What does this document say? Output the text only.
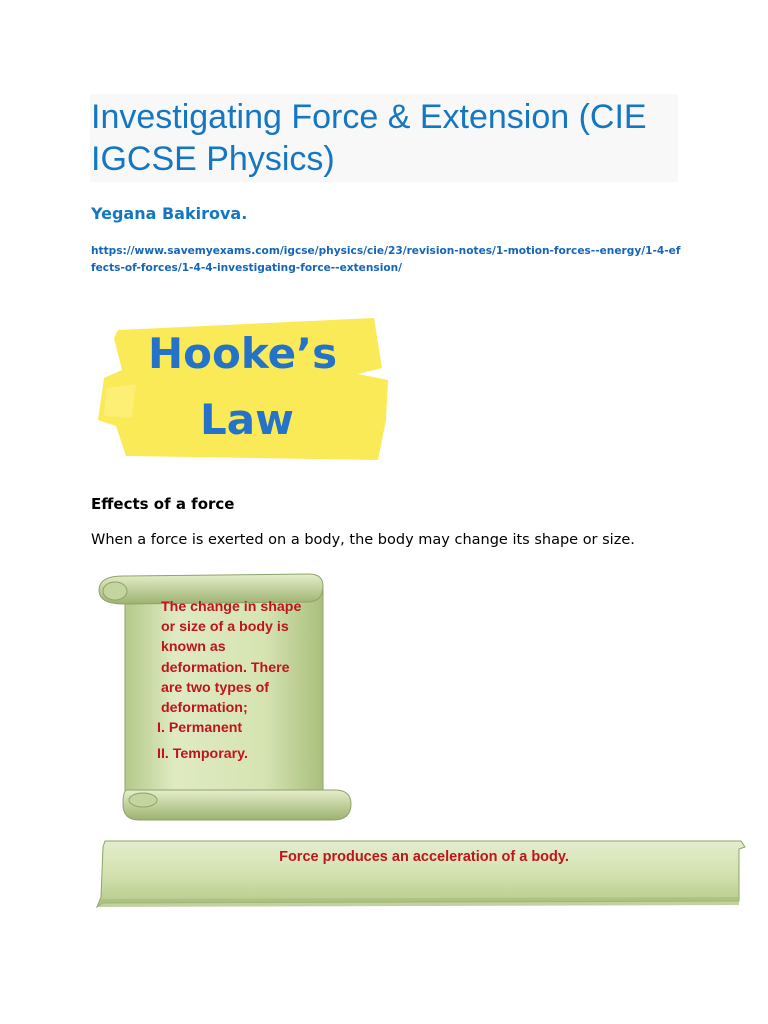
Investigating Force & Extension (CIE IGCSE Physics)
Yegana Bakirova.
https://www.savemyexams.com/igcse/physics/cie/23/revision-notes/1-motion-forces--energy/1-4-effects-of-forces/1-4-4-investigating-force--extension/
Hooke’s
Law
Effects of a force
When a force is exerted on a body, the body may change its shape or size.
The change in shape
or size of a body is
known as
deformation. There
are two types of
deformation;
I. Permanent
II. Temporary.
Force produces an acceleration of a body.
